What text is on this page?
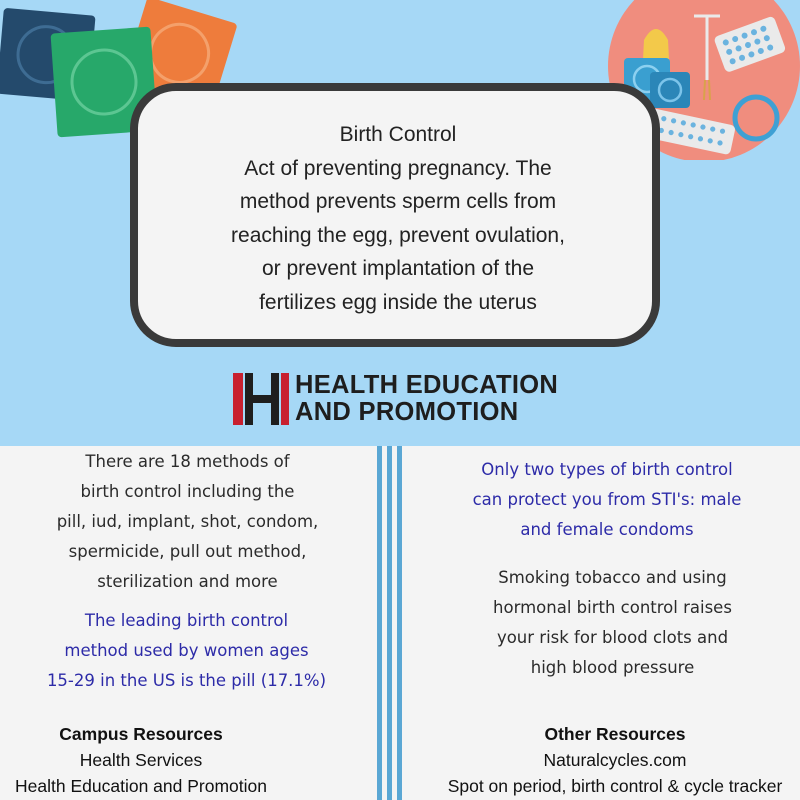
Birth Control
Act of preventing pregnancy. The
method prevents sperm cells from
reaching the egg, prevent ovulation,
or prevent implantation of the
fertilizes egg inside the uterus
HEALTH EDUCATION
AND PROMOTION
There are 18 methods of
birth control including the
pill, iud, implant, shot, condom,
spermicide, pull out method,
sterilization and more
The leading birth control
method used by women ages
15-29 in the US is the pill (17.1%)
Only two types of birth control
can protect you from STI's: male
and female condoms
Smoking tobacco and using
hormonal birth control raises
your risk for blood clots and
high blood pressure
Campus Resources
Health Services
Health Education and Promotion
Other Resources
Naturalcycles.com
Spot on period, birth control & cycle tracker
